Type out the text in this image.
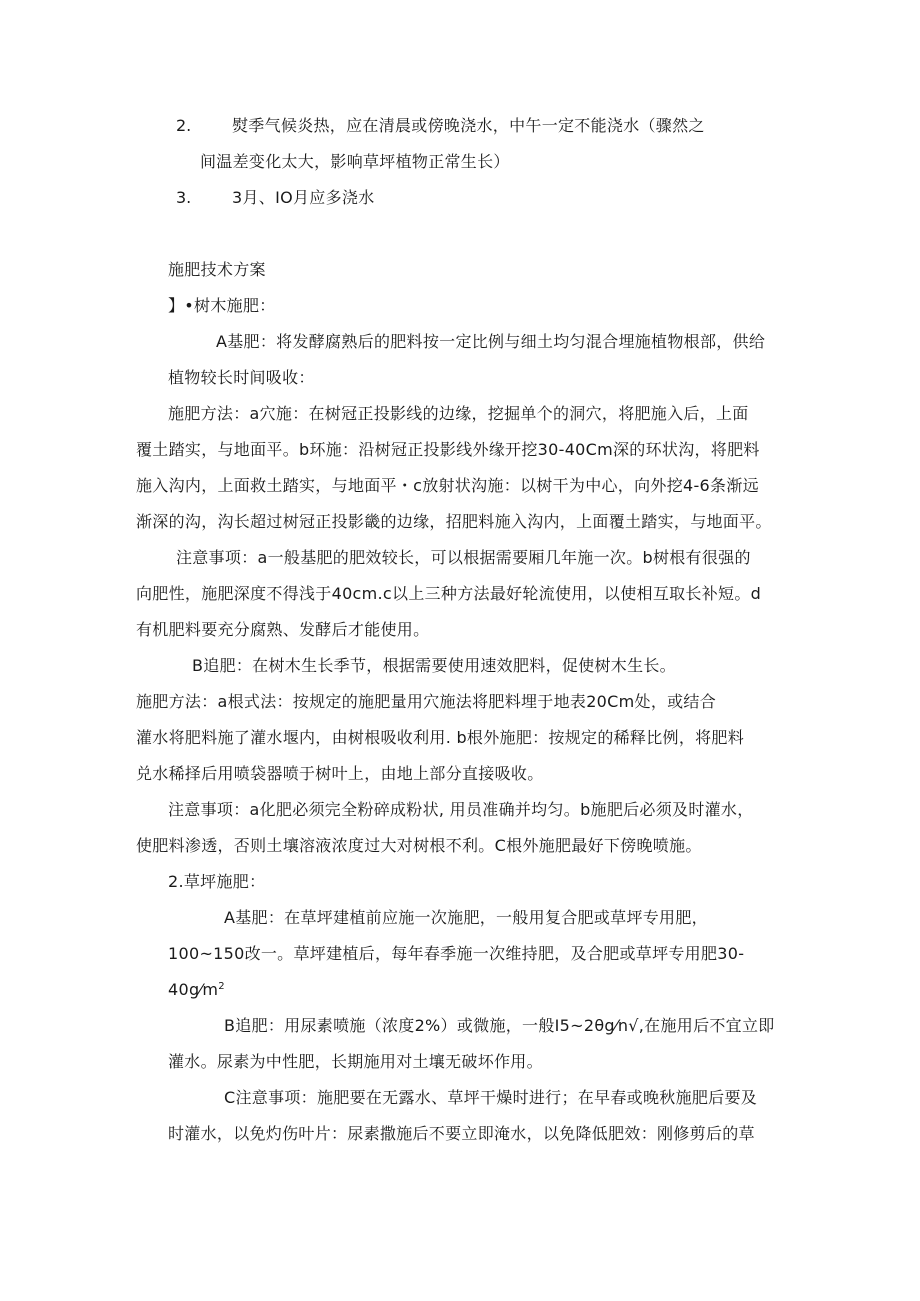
2.	熨季气候炎热，应在清晨或傍晚浇水，中午一定不能浇水（骤然之
间温差变化太大，影响草坪植物正常生长）
3.	3月、IO月应多浇水
施肥技术方案
】•树木施肥：
A基肥：将发酵腐熟后的肥料按一定比例与细土均匀混合埋施植物根部，供给
植物较长时间吸收：
施肥方法：a穴施：在树冠正投影线的边缘，挖掘单个的洞穴，将肥施入后，上面
覆土踏实，与地面平。b环施：沿树冠正投影线外缘开挖30-40Cm深的环状沟，将肥料
施入沟内，上面救土踏实，与地面平・c放射状沟施：以树干为中心，向外挖4-6条渐远
渐深的沟，沟长超过树冠正投影畿的边缘，招肥料施入沟内，上面覆土踏实，与地面平。
注意事项：a一般基肥的肥效较长，可以根据需要厢几年施一次。b树根有很强的
向肥性，施肥深度不得浅于40cm.c以上三种方法最好轮流使用，以使相互取长补短。d
有机肥料要充分腐熟、发酵后才能使用。
B追肥：在树木生长季节，根据需要使用速效肥料，促使树木生长。
施肥方法：a根式法：按规定的施肥量用穴施法将肥料埋于地表20Cm处，或结合
灌水将肥料施了灌水堰内，由树根吸收利用. b根外施肥：按规定的稀释比例，将肥料
兑水稀择后用喷袋器喷于树叶上，由地上部分直接吸收。
注意事项：a化肥必须完全粉碎成粉状, 用员准确并均匀。b施肥后必须及时灌水，
使肥料渗透，否则土壤溶液浓度过大对树根不利。C根外施肥最好下傍晚喷施。
2.草坪施肥：
A基肥：在草坪建植前应施一次施肥，一般用复合肥或草坪专用肥，
100~150改一。草坪建植后，每年春季施一次维持肥，及合肥或草坪专用肥30-
$40g⁄m^2$
B追肥：用尿素喷施（浓度2%）或微施，一般I5~2θg⁄n√,在施用后不宜立即
灌水。尿素为中性肥，长期施用对土壤无破坏作用。
C注意事项：施肥要在无露水、草坪干燥时进行；在早春或晚秋施肥后要及
时灌水，以免灼伤叶片：尿素撒施后不要立即淹水，以免降低肥效：刚修剪后的草
